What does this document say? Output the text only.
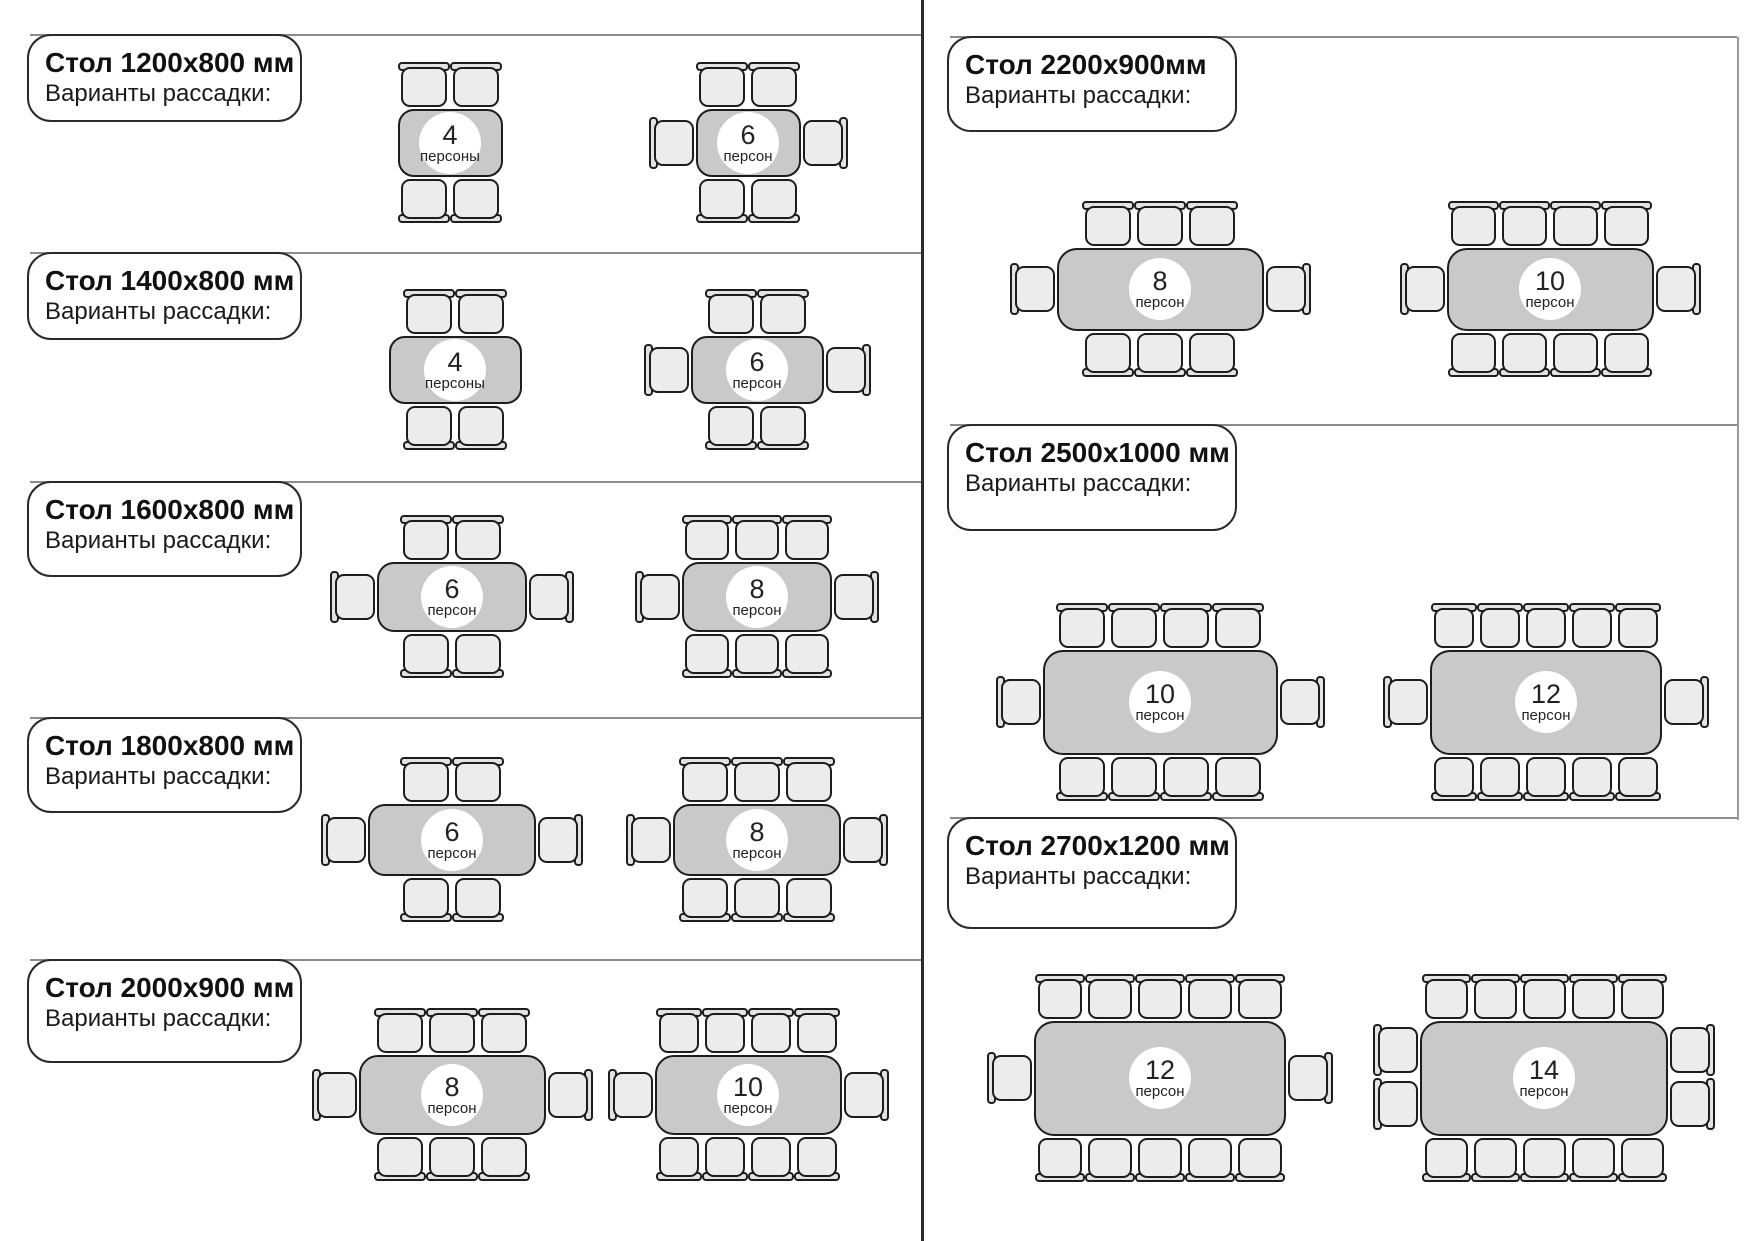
Стол 1200x800 мм
Варианты рассадки:
4
персоны
6
персон
Стол 1400x800 мм
Варианты рассадки:
4
персоны
6
персон
Стол 1600x800 мм
Варианты рассадки:
6
персон
8
персон
Стол 1800x800 мм
Варианты рассадки:
6
персон
8
персон
Стол 2000x900 мм
Варианты рассадки:
8
персон
10
персон
Стол 2200x900мм
Варианты рассадки:
8
персон
10
персон
Стол 2500x1000 мм
Варианты рассадки:
10
персон
12
персон
Стол 2700x1200 мм
Варианты рассадки:
12
персон
14
персон
